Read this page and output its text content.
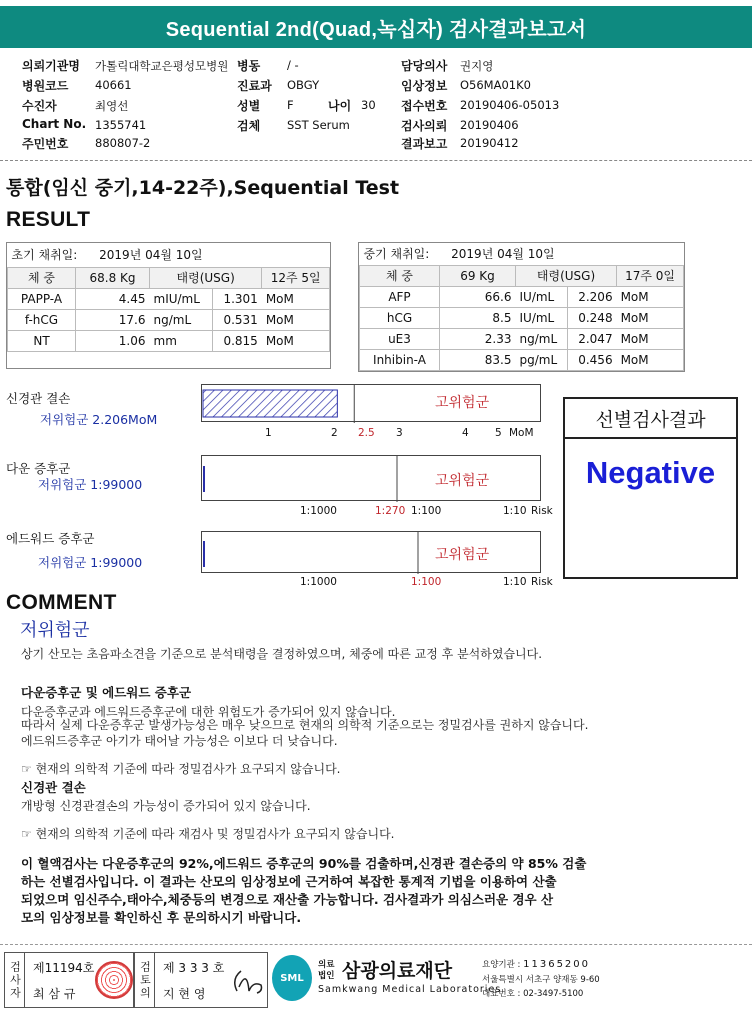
Sequential 2nd(Quad,녹십자) 검사결과보고서
의뢰기관명 가톨릭대학교은평성모병원
병원코드 40661
수진자	최영선
Chart No. 1355741
주민번호 880807-2
병동 / -
진료과 OBGY
성별 F	나이 30
검체 SST Serum
담당의사 권지영
임상정보 O56MA01K0
접수번호 20190406-05013
검사의뢰 20190406
결과보고 20190412
통합(임신 중기,14-22주),Sequential Test
RESULT
초기 채취일: 2019년 04월 10일				
체 중	68.8 Kg	태령(USG)		12주 5일
PAPP-A	4.45	mIU/mL	1.301	MoM
f-hCG	17.6	ng/mL	0.531	MoM
NT	1.06	mm	0.815	MoM
중기 채취일: 2019년 04월 10일				
체 중	69 Kg	태령(USG)		17주 0일
AFP	66.6	IU/mL	2.206	MoM
hCG	8.5	IU/mL	0.248	MoM
uE3	2.33	ng/mL	2.047	MoM
Inhibin-A	83.5	pg/mL	0.456	MoM
신경관 결손
저위험군 2.206MoM
고위험군
1	2 2.5 3	4	5 MoM
다운 증후군
저위험군 1:99000	고위험군
1:1000	1:270 1:100	1:10 Risk
에드워드 증후군
저위험군 1:99000	고위험군
1:1000	1:100	1:10 Risk
선별검사결과
Negative
COMMENT
저위험군
상기 산모는 초음파소견을 기준으로 분석태령을 결정하였으며, 체중에 따른 교정 후 분석하였습니다.
다운증후군 및 에드워드 증후군
다운증후군과 에드워드증후군에 대한 위험도가 증가되어 있지 않습니다.
따라서 실제 다운증후군 발생가능성은 매우 낮으므로 현재의 의학적 기준으로는 정밀검사를 권하지 않습니다.
에드워드증후군 아기가 태어날 가능성은 이보다 더 낮습니다.
☞ 현재의 의학적 기준에 따라 정밀검사가 요구되지 않습니다.
신경관 결손
개방형 신경관결손의 가능성이 증가되어 있지 않습니다.
☞ 현재의 의학적 기준에 따라 재검사 및 정밀검사가 요구되지 않습니다.
이 혈액검사는 다운증후군의 92%,에드워드 증후군의 90%를 검출하며,신경관 결손증의 약 85% 검출
하는 선별검사입니다. 이 결과는 산모의 임상정보에 근거하여 복잡한 통계적 기법을 이용하여 산출
되었으며 임신주수,태아수,체중등의 변경으로 재산출 가능합니다. 검사결과가 의심스러운 경우 산
모의 임상정보를 확인하신 후 문의하시기 바랍니다.
검사자 제11194호
최 삼 규	검토의 제 3 3 3 호
지 현 영
SML
의료
법인 삼광의료재단
Samkwang Medical Laboratories
요양기관 : 11365200
서울특별시 서초구 양재동 9-60
대표번호 : 02-3497-5100
